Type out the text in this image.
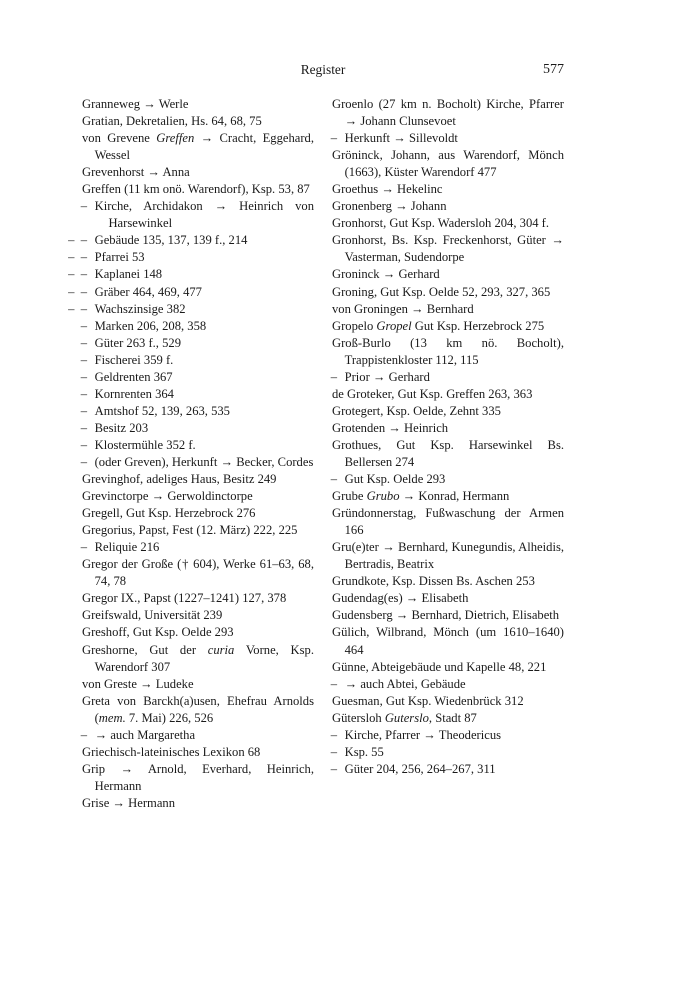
Register	577
Granneweg → Werle
Gratian, Dekretalien, Hs. 64, 68, 75
von Grevene Greffen → Cracht, Eggehard, Wessel
Grevenhorst → Anna
Greffen (11 km onö. Warendorf), Ksp. 53, 87
– Kirche, Archidakon → Heinrich von Harsewinkel
– – Gebäude 135, 137, 139 f., 214
– – Pfarrei 53
– – Kaplanei 148
– – Gräber 464, 469, 477
– – Wachszinsige 382
– Marken 206, 208, 358
– Güter 263 f., 529
– Fischerei 359 f.
– Geldrenten 367
– Kornrenten 364
– Amtshof 52, 139, 263, 535
– Besitz 203
– Klostermühle 352 f.
– (oder Greven), Herkunft → Becker, Cordes
Grevinghof, adeliges Haus, Besitz 249
Grevinctorpe → Gerwoldinctorpe
Gregell, Gut Ksp. Herzebrock 276
Gregorius, Papst, Fest (12. März) 222, 225
– Reliquie 216
Gregor der Große († 604), Werke 61–63, 68, 74, 78
Gregor IX., Papst (1227–1241) 127, 378
Greifswald, Universität 239
Greshoff, Gut Ksp. Oelde 293
Greshorne, Gut der curia Vorne, Ksp. Warendorf 307
von Greste → Ludeke
Greta von Barckh(a)usen, Ehefrau Arnolds (mem. 7. Mai) 226, 526
– → auch Margaretha
Griechisch-lateinisches Lexikon 68
Grip → Arnold, Everhard, Heinrich, Hermann
Grise → Hermann
Groenlo (27 km n. Bocholt) Kirche, Pfarrer → Johann Clunsevoet
– Herkunft → Sillevoldt
Gröninck, Johann, aus Warendorf, Mönch (1663), Küster Warendorf 477
Groethus → Hekelinc
Gronenberg → Johann
Gronhorst, Gut Ksp. Wadersloh 204, 304 f.
Gronhorst, Bs. Ksp. Freckenhorst, Güter → Vasterman, Sudendorpe
Groninck → Gerhard
Groning, Gut Ksp. Oelde 52, 293, 327, 365
von Groningen → Bernhard
Gropelo Gropel Gut Ksp. Herzebrock 275
Groß-Burlo (13 km nö. Bocholt), Trappistenkloster 112, 115
– Prior → Gerhard
de Groteker, Gut Ksp. Greffen 263, 363
Grotegert, Ksp. Oelde, Zehnt 335
Grotenden → Heinrich
Grothues, Gut Ksp. Harsewinkel Bs. Bellersen 274
– Gut Ksp. Oelde 293
Grube Grubo → Konrad, Hermann
Gründonnerstag, Fußwaschung der Armen 166
Gru(e)ter → Bernhard, Kunegundis, Alheidis, Bertradis, Beatrix
Grundkote, Ksp. Dissen Bs. Aschen 253
Gudendag(es) → Elisabeth
Gudensberg → Bernhard, Dietrich, Elisabeth
Gülich, Wilbrand, Mönch (um 1610–1640) 464
Günne, Abteigebäude und Kapelle 48, 221
– → auch Abtei, Gebäude
Guesman, Gut Ksp. Wiedenbrück 312
Gütersloh Guterslo, Stadt 87
– Kirche, Pfarrer → Theodericus
– Ksp. 55
– Güter 204, 256, 264–267, 311
